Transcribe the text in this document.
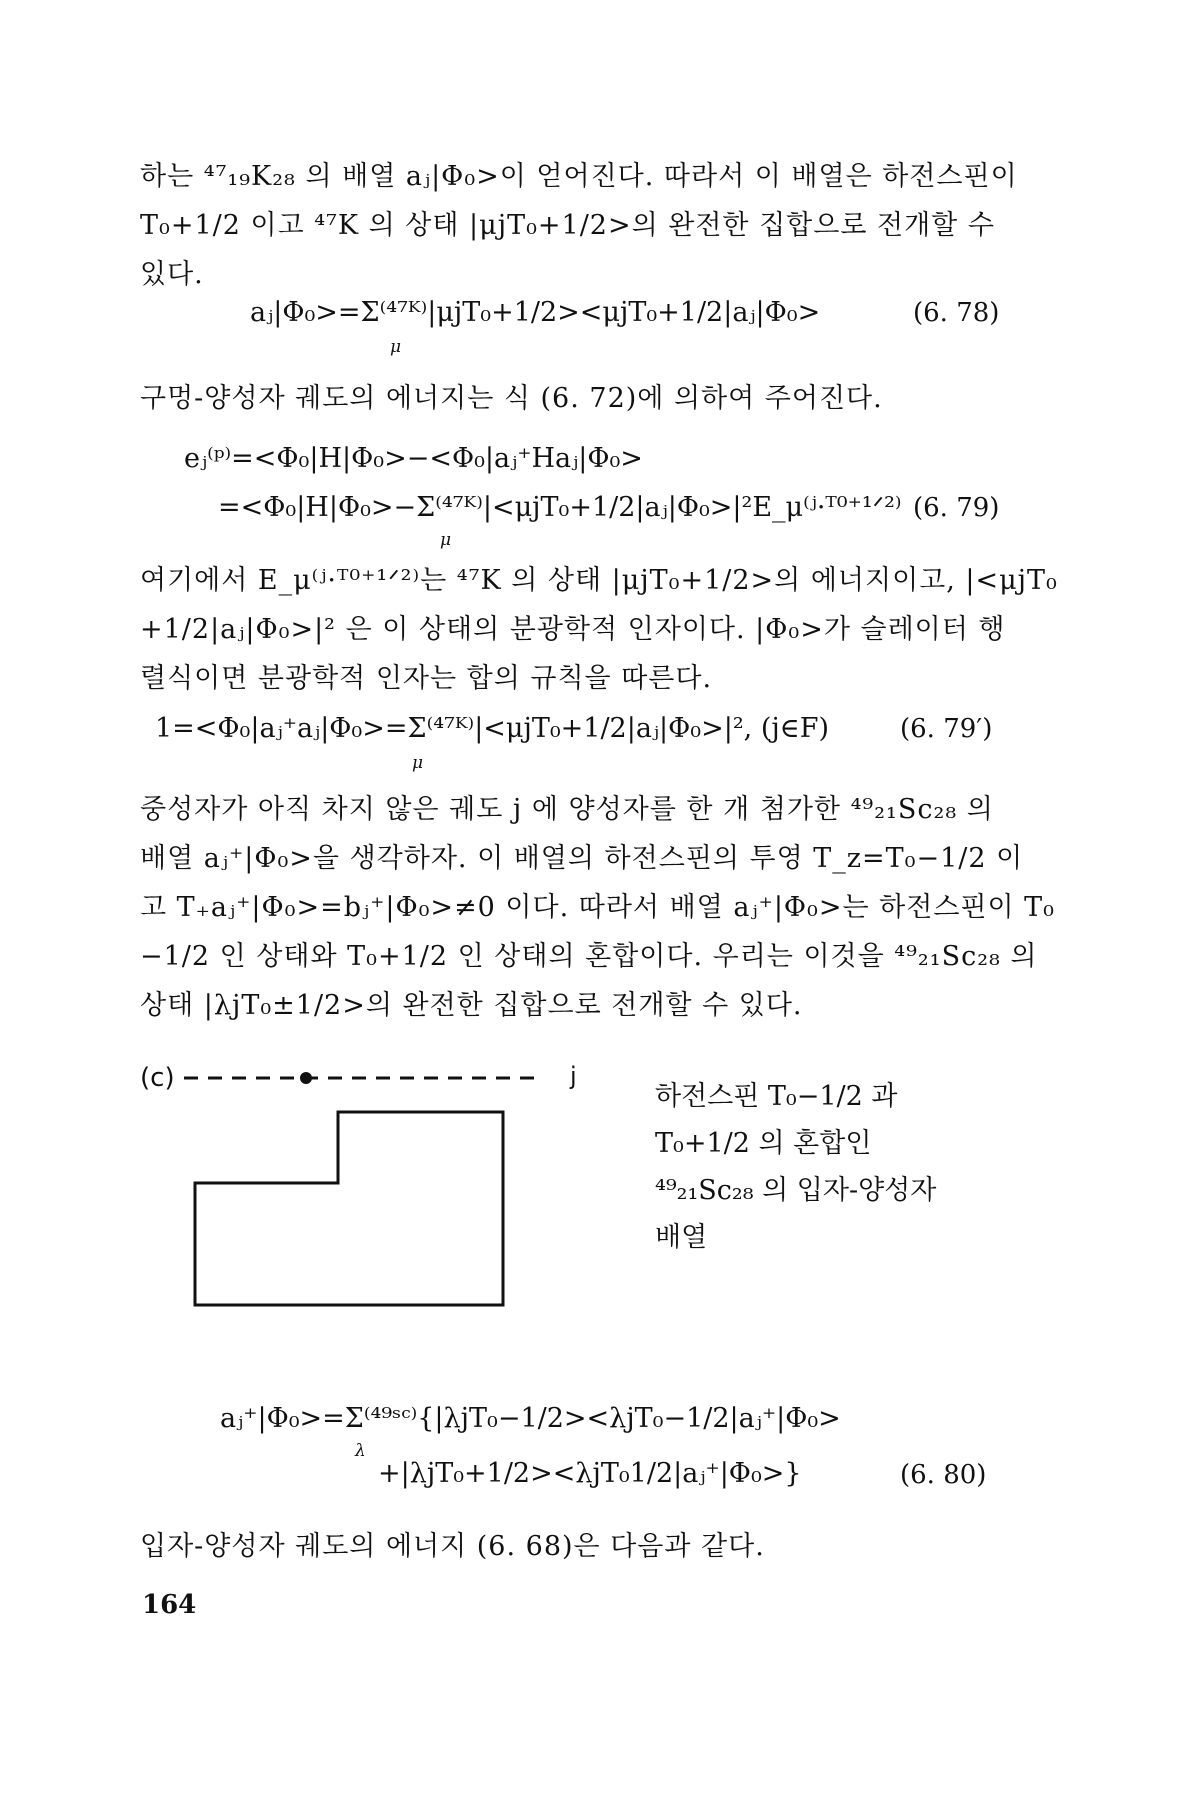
하는 ⁴⁷₁₉K₂₈ 의 배열 aⱼ|Φ₀>이 얻어진다. 따라서 이 배열은 하전스핀이
T₀+1/2 이고 ⁴⁷K 의 상태 |μjT₀+1/2>의 완전한 집합으로 전개할 수
있다.
aⱼ|Φ₀>=Σ⁽⁴⁷ᴷ⁾|μjT₀+1/2><μjT₀+1/2|aⱼ|Φ₀>
μ
(6. 78)
구멍-양성자 궤도의 에너지는 식 (6. 72)에 의하여 주어진다.
eⱼ⁽ᵖ⁾=<Φ₀|H|Φ₀>−<Φ₀|aⱼ⁺Haⱼ|Φ₀>
=<Φ₀|H|Φ₀>−Σ⁽⁴⁷ᴷ⁾|<μjT₀+1/2|aⱼ|Φ₀>|²E_μ⁽ʲ·ᵀ⁰⁺¹ᐟ²⁾
μ
(6. 79)
여기에서 E_μ⁽ʲ·ᵀ⁰⁺¹ᐟ²⁾는 ⁴⁷K 의 상태 |μjT₀+1/2>의 에너지이고, |<μjT₀
+1/2|aⱼ|Φ₀>|² 은 이 상태의 분광학적 인자이다. |Φ₀>가 슬레이터 행
렬식이면 분광학적 인자는 합의 규칙을 따른다.
1=<Φ₀|aⱼ⁺aⱼ|Φ₀>=Σ⁽⁴⁷ᴷ⁾|<μjT₀+1/2|aⱼ|Φ₀>|², (j∈F)
μ
(6. 79′)
중성자가 아직 차지 않은 궤도 j 에 양성자를 한 개 첨가한 ⁴⁹₂₁Sc₂₈ 의
배열 aⱼ⁺|Φ₀>을 생각하자. 이 배열의 하전스핀의 투영 T_z=T₀−1/2 이
고 T₊aⱼ⁺|Φ₀>=bⱼ⁺|Φ₀>≠0 이다. 따라서 배열 aⱼ⁺|Φ₀>는 하전스핀이 T₀
−1/2 인 상태와 T₀+1/2 인 상태의 혼합이다. 우리는 이것을 ⁴⁹₂₁Sc₂₈ 의
상태 |λjT₀±1/2>의 완전한 집합으로 전개할 수 있다.
(c)	j
하전스핀 T₀−1/2 과
T₀+1/2 의 혼합인
⁴⁹₂₁Sc₂₈ 의 입자-양성자
배열
aⱼ⁺|Φ₀>=Σ⁽⁴⁹ˢᶜ⁾{|λjT₀−1/2><λjT₀−1/2|aⱼ⁺|Φ₀>
λ
+|λjT₀+1/2><λjT₀1/2|aⱼ⁺|Φ₀>}	(6. 80)
입자-양성자 궤도의 에너지 (6. 68)은 다음과 같다.
164
